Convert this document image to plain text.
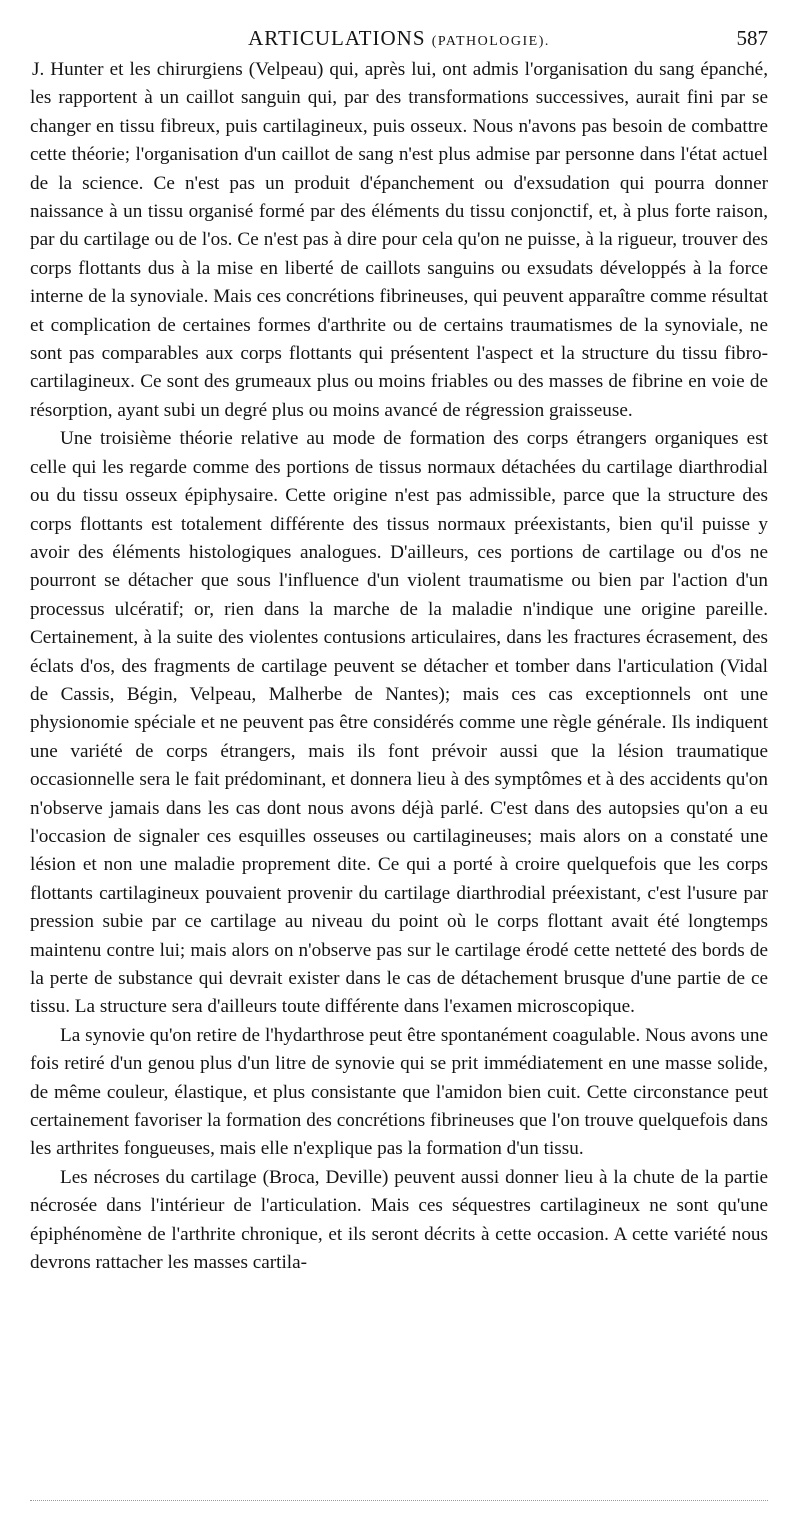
ARTICULATIONS (PATHOLOGIE).	587

J. Hunter et les chirurgiens (Velpeau) qui, après lui, ont admis l'organisation du sang épanché, les rapportent à un caillot sanguin qui, par des transformations successives, aurait fini par se changer en tissu fibreux, puis cartilagineux, puis osseux. Nous n'avons pas besoin de combattre cette théorie; l'organisation d'un caillot de sang n'est plus admise par personne dans l'état actuel de la science. Ce n'est pas un produit d'épanchement ou d'exsudation qui pourra donner naissance à un tissu organisé formé par des éléments du tissu conjonctif, et, à plus forte raison, par du cartilage ou de l'os. Ce n'est pas à dire pour cela qu'on ne puisse, à la rigueur, trouver des corps flottants dus à la mise en liberté de caillots sanguins ou exsudats développés à la force interne de la synoviale. Mais ces concrétions fibrineuses, qui peuvent apparaître comme résultat et complication de certaines formes d'arthrite ou de certains traumatismes de la synoviale, ne sont pas comparables aux corps flottants qui présentent l'aspect et la structure du tissu fibro-cartilagineux. Ce sont des grumeaux plus ou moins friables ou des masses de fibrine en voie de résorption, ayant subi un degré plus ou moins avancé de régression graisseuse.

Une troisième théorie relative au mode de formation des corps étrangers organiques est celle qui les regarde comme des portions de tissus normaux détachées du cartilage diarthrodial ou du tissu osseux épiphysaire. Cette origine n'est pas admissible, parce que la structure des corps flottants est totalement différente des tissus normaux préexistants, bien qu'il puisse y avoir des éléments histologiques analogues. D'ailleurs, ces portions de cartilage ou d'os ne pourront se détacher que sous l'influence d'un violent traumatisme ou bien par l'action d'un processus ulcératif; or, rien dans la marche de la maladie n'indique une origine pareille. Certainement, à la suite des violentes contusions articulaires, dans les fractures écrasement, des éclats d'os, des fragments de cartilage peuvent se détacher et tomber dans l'articulation (Vidal de Cassis, Bégin, Velpeau, Malherbe de Nantes); mais ces cas exceptionnels ont une physionomie spéciale et ne peuvent pas être considérés comme une règle générale. Ils indiquent une variété de corps étrangers, mais ils font prévoir aussi que la lésion traumatique occasionnelle sera le fait prédominant, et donnera lieu à des symptômes et à des accidents qu'on n'observe jamais dans les cas dont nous avons déjà parlé. C'est dans des autopsies qu'on a eu l'occasion de signaler ces esquilles osseuses ou cartilagineuses; mais alors on a constaté une lésion et non une maladie proprement dite. Ce qui a porté à croire quelquefois que les corps flottants cartilagineux pouvaient provenir du cartilage diarthrodial préexistant, c'est l'usure par pression subie par ce cartilage au niveau du point où le corps flottant avait été longtemps maintenu contre lui; mais alors on n'observe pas sur le cartilage érodé cette netteté des bords de la perte de substance qui devrait exister dans le cas de détachement brusque d'une partie de ce tissu. La structure sera d'ailleurs toute différente dans l'examen microscopique.

La synovie qu'on retire de l'hydarthrose peut être spontanément coagulable. Nous avons une fois retiré d'un genou plus d'un litre de synovie qui se prit immédiatement en une masse solide, de même couleur, élastique, et plus consistante que l'amidon bien cuit. Cette circonstance peut certainement favoriser la formation des concrétions fibrineuses que l'on trouve quelquefois dans les arthrites fongueuses, mais elle n'explique pas la formation d'un tissu.

Les nécroses du cartilage (Broca, Deville) peuvent aussi donner lieu à la chute de la partie nécrosée dans l'intérieur de l'articulation. Mais ces séquestres cartilagineux ne sont qu'une épiphénomène de l'arthrite chronique, et ils seront décrits à cette occasion. A cette variété nous devrons rattacher les masses cartila-
